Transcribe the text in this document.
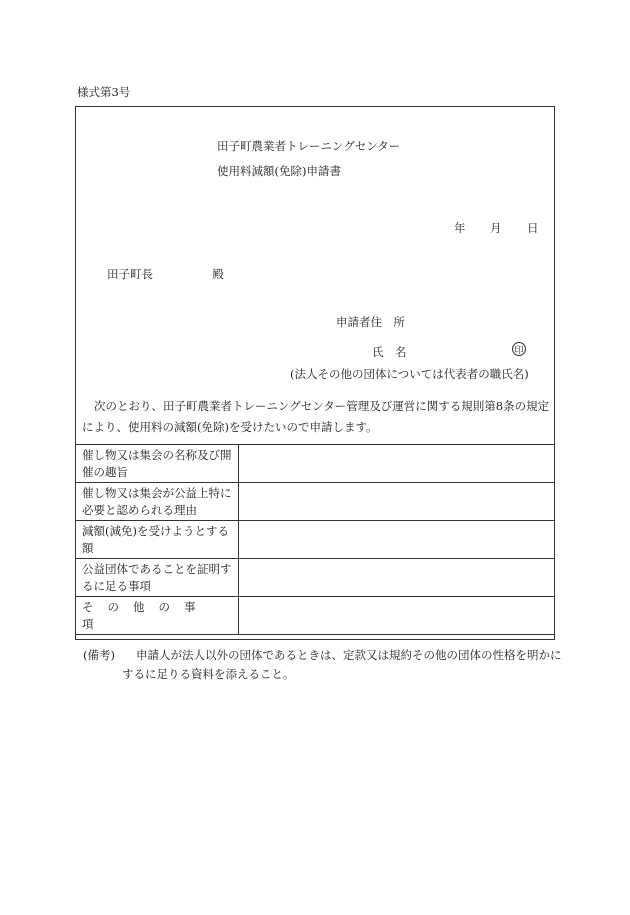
様式第3号
田子町農業者トレーニングセンター
使用料減額(免除)申請書
年 月 日
田子町長	殿
申請者住　所
氏　名	印
(法人その他の団体については代表者の職氏名)
次のとおり、田子町農業者トレーニングセンター管理及び運営に関する規則第8条の規定により、使用料の減額(免除)を受けたいので申請します。
催し物又は集会の名称及び開催の趣旨	
催し物又は集会が公益上特に必要と認められる理由	
減額(減免)を受けようとする額	
公益団体であることを証明するに足る事項	
その他の事項	
(備考) 申請人が法人以外の団体であるときは、定款又は規約その他の団体の性格を明かに
するに足りる資料を添えること。
